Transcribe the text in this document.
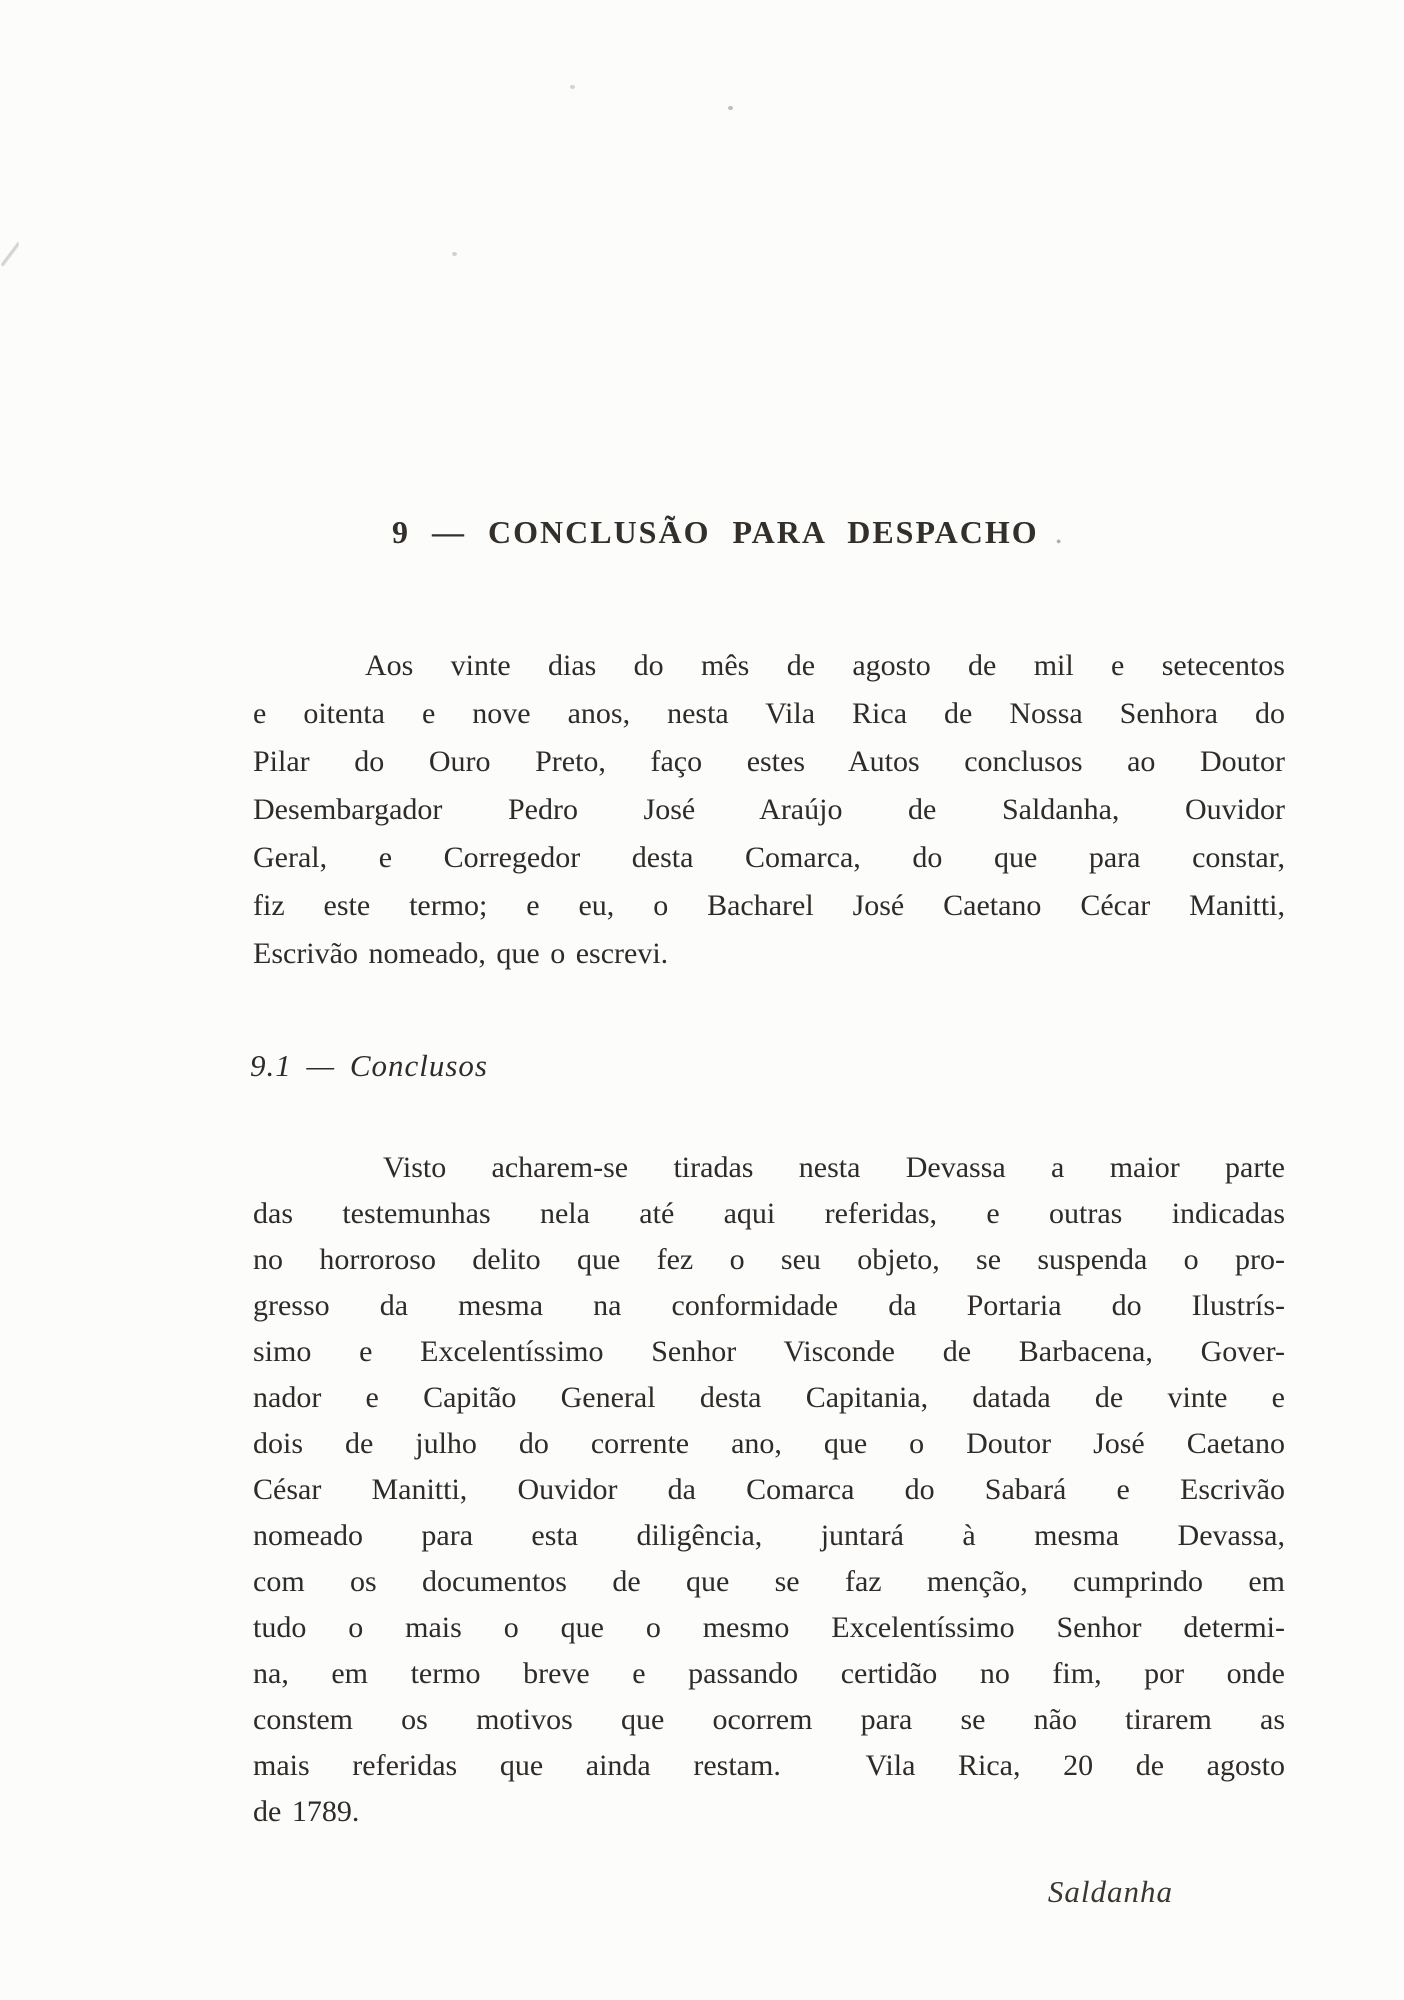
9 — CONCLUSÃO PARA DESPACHO .
Aos vinte dias do mês de agosto de mil e setecentos
e oitenta e nove anos, nesta Vila Rica de Nossa Senhora do
Pilar do Ouro Preto, faço estes Autos conclusos ao Doutor
Desembargador Pedro José Araújo de Saldanha, Ouvidor
Geral, e Corregedor desta Comarca, do que para constar,
fiz este termo; e eu, o Bacharel José Caetano Cécar Manitti,
Escrivão nomeado, que o escrevi.
9.1 — Conclusos
Visto acharem-se tiradas nesta Devassa a maior parte
das testemunhas nela até aqui referidas, e outras indicadas
no horroroso delito que fez o seu objeto, se suspenda o pro-
gresso da mesma na conformidade da Portaria do Ilustrís-
simo e Excelentíssimo Senhor Visconde de Barbacena, Gover-
nador e Capitão General desta Capitania, datada de vinte e
dois de julho do corrente ano, que o Doutor José Caetano
César Manitti, Ouvidor da Comarca do Sabará e Escrivão
nomeado para esta diligência, juntará à mesma Devassa,
com os documentos de que se faz menção, cumprindo em
tudo o mais o que o mesmo Excelentíssimo Senhor determi-
na, em termo breve e passando certidão no fim, por onde
constem os motivos que ocorrem para se não tirarem as
mais referidas que ainda restam.  Vila Rica, 20 de agosto
de 1789.
Saldanha
